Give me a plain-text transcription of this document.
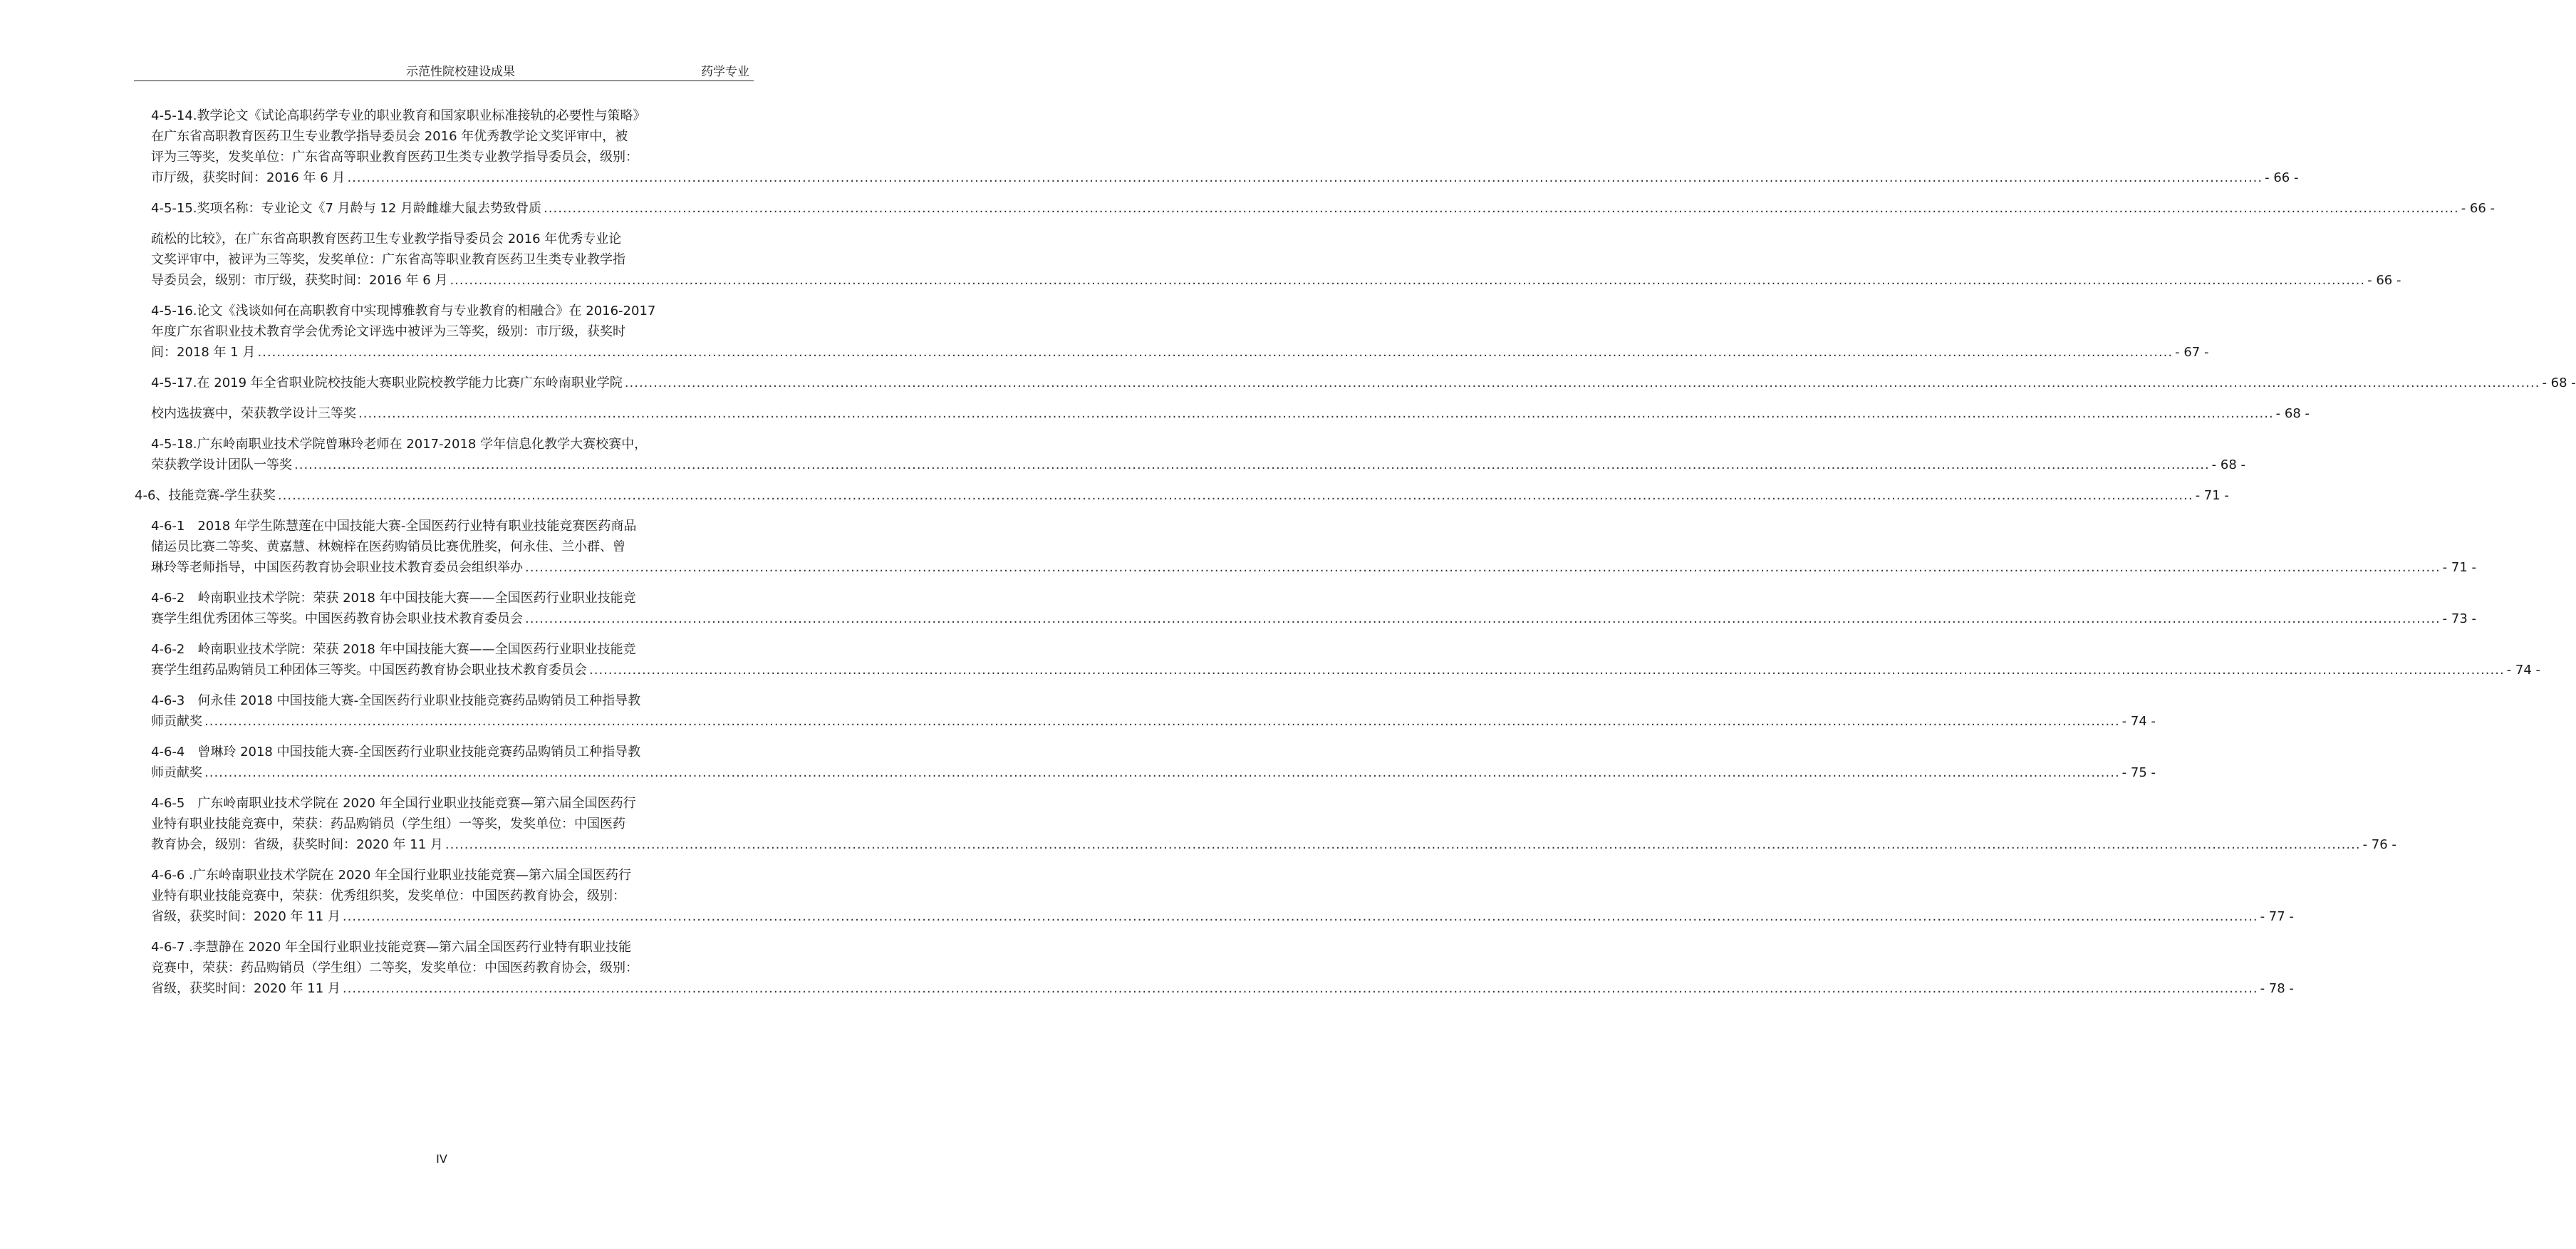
示范性院校建设成果	药学专业
4-5-14.教学论文《试论高职药学专业的职业教育和国家职业标准接轨的必要性与策略》
在广东省高职教育医药卫生专业教学指导委员会 2016 年优秀教学论文奖评审中，被
评为三等奖，发奖单位：广东省高等职业教育医药卫生类专业教学指导委员会，级别：
市厅级，获奖时间：2016 年 6 月 ................................................................................................................................................................................................................................................................................................................................................................................................................ - 66 -
4-5-15.奖项名称：专业论文《7 月龄与 12 月龄雌雄大鼠去势致骨质 ................................................................................................................................................................................................................................................................................................................................................................................................................ - 66 -
疏松的比较》，在广东省高职教育医药卫生专业教学指导委员会 2016 年优秀专业论
文奖评审中，被评为三等奖，发奖单位：广东省高等职业教育医药卫生类专业教学指
导委员会，级别：市厅级，获奖时间：2016 年 6 月 ................................................................................................................................................................................................................................................................................................................................................................................................................ - 66 -
4-5-16.论文《浅谈如何在高职教育中实现博雅教育与专业教育的相融合》在 2016-2017
年度广东省职业技术教育学会优秀论文评选中被评为三等奖，级别：市厅级，获奖时
间：2018 年 1 月 ................................................................................................................................................................................................................................................................................................................................................................................................................ - 67 -
4-5-17.在 2019 年全省职业院校技能大赛职业院校教学能力比赛广东岭南职业学院 ................................................................................................................................................................................................................................................................................................................................................................................................................ - 68 -
校内选拔赛中，荣获教学设计三等奖 ................................................................................................................................................................................................................................................................................................................................................................................................................ - 68 -
4-5-18.广东岭南职业技术学院曾琳玲老师在 2017-2018 学年信息化教学大赛校赛中，
荣获教学设计团队一等奖 ................................................................................................................................................................................................................................................................................................................................................................................................................ - 68 -
4-6、技能竞赛-学生获奖 ................................................................................................................................................................................................................................................................................................................................................................................................................ - 71 -
4-6-1　2018 年学生陈慧莲在中国技能大赛-全国医药行业特有职业技能竞赛医药商品
储运员比赛二等奖、黄嘉慧、林婉梓在医药购销员比赛优胜奖，何永佳、兰小群、曾
琳玲等老师指导，中国医药教育协会职业技术教育委员会组织举办 ................................................................................................................................................................................................................................................................................................................................................................................................................ - 71 -
4-6-2　岭南职业技术学院：荣获 2018 年中国技能大赛——全国医药行业职业技能竞
赛学生组优秀团体三等奖。中国医药教育协会职业技术教育委员会 ................................................................................................................................................................................................................................................................................................................................................................................................................ - 73 -
4-6-2　岭南职业技术学院：荣获 2018 年中国技能大赛——全国医药行业职业技能竞
赛学生组药品购销员工种团体三等奖。中国医药教育协会职业技术教育委员会 ................................................................................................................................................................................................................................................................................................................................................................................................................ - 74 -
4-6-3　何永佳 2018 中国技能大赛-全国医药行业职业技能竞赛药品购销员工种指导教
师贡献奖 ................................................................................................................................................................................................................................................................................................................................................................................................................ - 74 -
4-6-4　曾琳玲 2018 中国技能大赛-全国医药行业职业技能竞赛药品购销员工种指导教
师贡献奖 ................................................................................................................................................................................................................................................................................................................................................................................................................ - 75 -
4-6-5　广东岭南职业技术学院在 2020 年全国行业职业技能竞赛—第六届全国医药行
业特有职业技能竞赛中，荣获：药品购销员（学生组）一等奖，发奖单位：中国医药
教育协会，级别：省级，获奖时间：2020 年 11 月 ................................................................................................................................................................................................................................................................................................................................................................................................................ - 76 -
4-6-6 .广东岭南职业技术学院在 2020 年全国行业职业技能竞赛—第六届全国医药行
业特有职业技能竞赛中，荣获：优秀组织奖，发奖单位：中国医药教育协会，级别：
省级，获奖时间：2020 年 11 月 ................................................................................................................................................................................................................................................................................................................................................................................................................ - 77 -
4-6-7 .李慧静在 2020 年全国行业职业技能竞赛—第六届全国医药行业特有职业技能
竞赛中，荣获：药品购销员（学生组）二等奖，发奖单位：中国医药教育协会，级别：
省级，获奖时间：2020 年 11 月 ................................................................................................................................................................................................................................................................................................................................................................................................................ - 78 -
IV
